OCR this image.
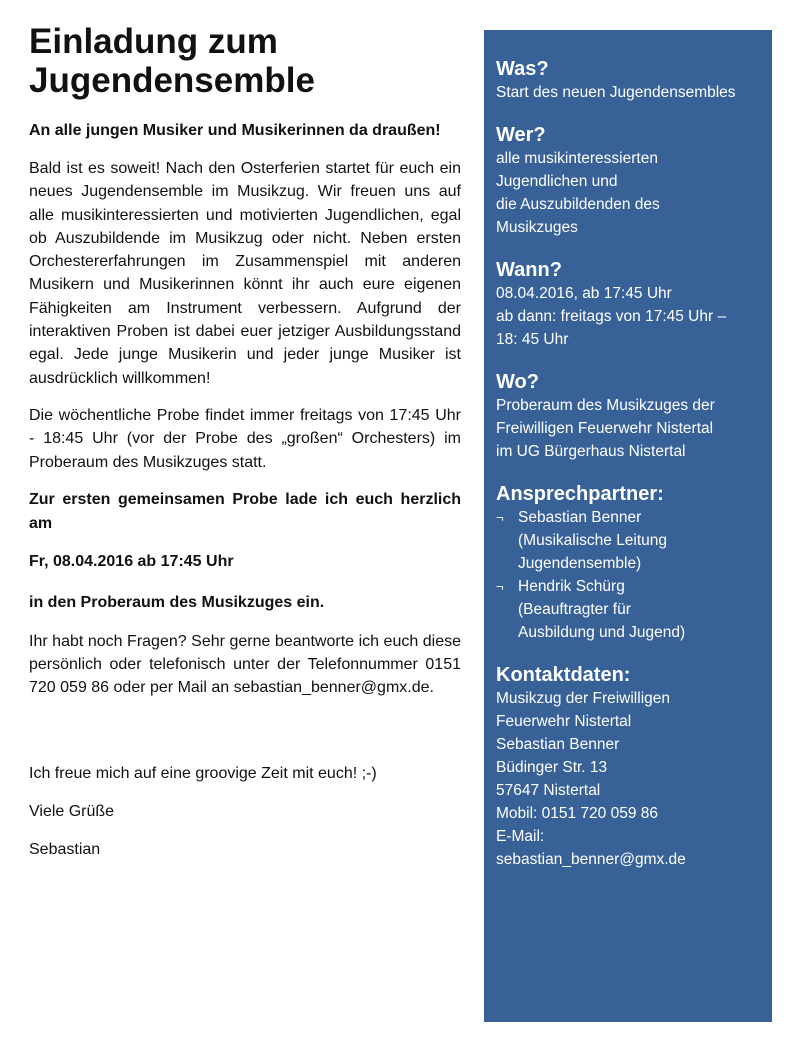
Einladung zum
Jugendensemble

An alle jungen Musiker und Musikerinnen da draußen!

Bald ist es soweit! Nach den Osterferien startet für euch ein neues Jugendensemble im Musikzug. Wir freuen uns auf alle musikinteressierten und motivierten Jugendlichen, egal ob Auszubildende im Musikzug oder nicht. Neben ersten Orchestererfahrungen im Zusammenspiel mit anderen Musikern und Musikerinnen könnt ihr auch eure eigenen Fähigkeiten am Instrument verbessern. Aufgrund der interaktiven Proben ist dabei euer jetziger Ausbildungsstand egal. Jede junge Musikerin und jeder junge Musiker ist ausdrücklich willkommen!

Die wöchentliche Probe findet immer freitags von 17:45 Uhr - 18:45 Uhr (vor der Probe des „großen“ Orchesters) im Proberaum des Musikzuges statt.

Zur ersten gemeinsamen Probe lade ich euch herzlich am

Fr, 08.04.2016 ab 17:45 Uhr

in den Proberaum des Musikzuges ein.

Ihr habt noch Fragen? Sehr gerne beantworte ich euch diese persönlich oder telefonisch unter der Telefonnummer 0151 720 059 86 oder per Mail an sebastian_benner@gmx.de.

Ich freue mich auf eine groovige Zeit mit euch! ;-)

Viele Grüße

Sebastian

Was?

Start des neuen Jugendensembles

Wer?

alle musikinteressierten

Jugendlichen und

die Auszubildenden des

Musikzuges

Wann?

08.04.2016, ab 17:45 Uhr

ab dann: freitags von 17:45 Uhr –

18: 45 Uhr

Wo?

Proberaum des Musikzuges der

Freiwilligen Feuerwehr Nistertal

im UG Bürgerhaus Nistertal

Ansprechpartner:

¬ Sebastian Benner
(Musikalische Leitung
Jugendensemble)
¬ Hendrik Schürg
(Beauftragter für
Ausbildung und Jugend)

Kontaktdaten:

Musikzug der Freiwilligen

Feuerwehr Nistertal

Sebastian Benner

Büdinger Str. 13

57647 Nistertal

Mobil: 0151 720 059 86

E-Mail:

sebastian_benner@gmx.de
